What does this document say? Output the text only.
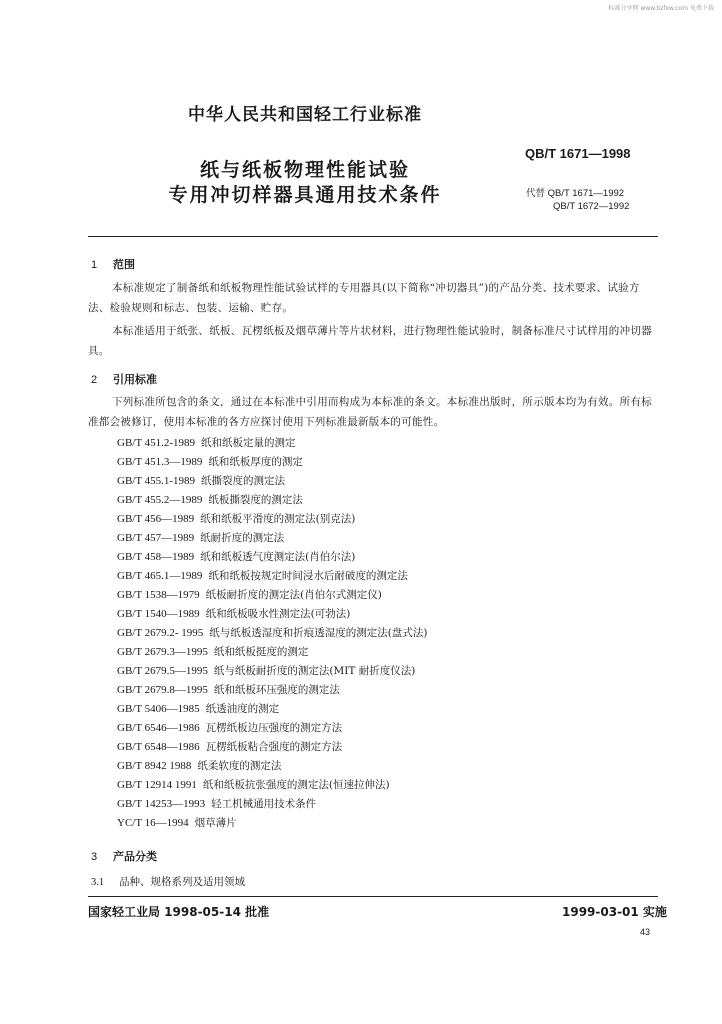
标准分享网 www.bzfxw.com 免费下载
中华人民共和国轻工行业标准
QB/T 1671—1998
纸与纸板物理性能试验
专用冲切样器具通用技术条件	代替 QB/T 1671—1992
QB/T 1672—1992
1 范围
本标准规定了制备纸和纸板物理性能试验试样的专用器具(以下简称“冲切器具”)的产品分类、技术要求、试验方法、检验规则和标志、包装、运输、贮存。
本标准适用于纸张、纸板、瓦楞纸板及烟草薄片等片状材料，进行物理性能试验时，制备标准尺寸试样用的冲切器具。
2 引用标准
下列标准所包含的条文，通过在本标准中引用而构成为本标准的条文。本标准出版时，所示版本均为有效。所有标准都会被修订，使用本标准的各方应探讨使用下列标准最新版本的可能性。
GB/T 451.2-1989 纸和纸板定量的测定
GB/T 451.3—1989 纸和纸板厚度的测定
GB/T 455.1-1989 纸撕裂度的测定法
GB/T 455.2—1989 纸板撕裂度的测定法
GB/T 456—1989 纸和纸板平滑度的测定法(别克法)
GB/T 457—1989 纸耐折度的测定法
GB/T 458—1989 纸和纸板透气度测定法(肖伯尔法)
GB/T 465.1—1989 纸和纸板按规定时间浸水后耐破度的测定法
GB/T 1538—1979 纸板耐折度的测定法(肖伯尔式测定仪)
GB/T 1540—1989 纸和纸板吸水性测定法(可勃法)
GB/T 2679.2- 1995 纸与纸板透湿度和折痕透湿度的测定法(盘式法)
GB/T 2679.3—1995 纸和纸板挺度的测定
GB/T 2679.5—1995 纸与纸板耐折度的测定法(MIT 耐折度仪法)
GB/T 2679.8—1995 纸和纸板环压强度的测定法
GB/T 5406—1985 纸透油度的测定
GB/T 6546—1986 瓦楞纸板边压强度的测定方法
GB/T 6548—1986 瓦楞纸板粘合强度的测定方法
GB/T 8942 1988 纸柔软度的测定法
GB/T 12914 1991 纸和纸板抗张强度的测定法(恒速拉伸法)
GB/T 14253—1993 轻工机械通用技术条件
YC/T 16—1994 烟草薄片
3 产品分类
3.1 品种、规格系列及适用领域
国家轻工业局 1998-05-14 批准	1999-03-01 实施
43
